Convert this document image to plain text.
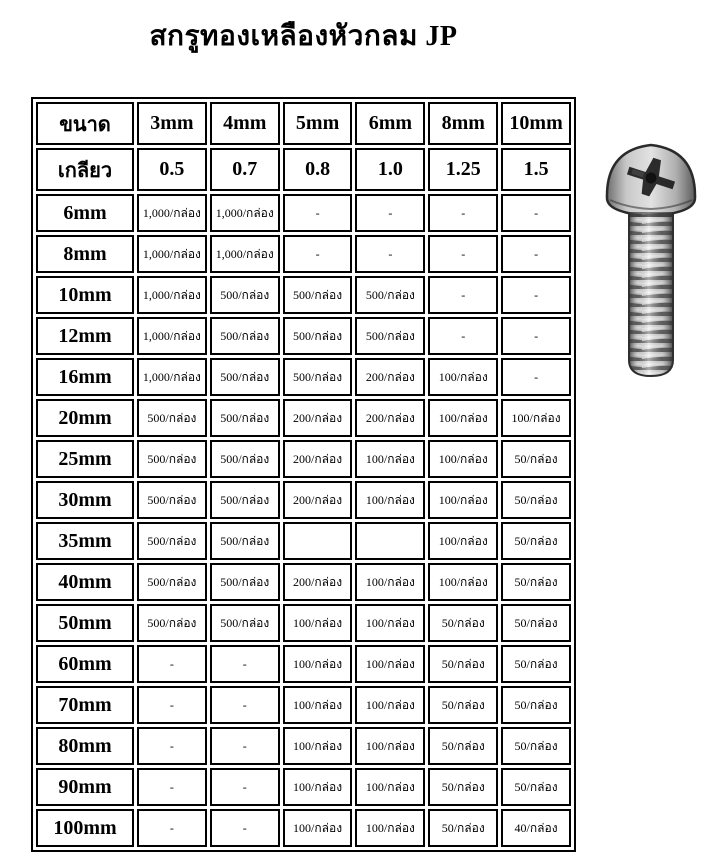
สกรูทองเหลืองหัวกลม JP
ขนาด	3mm	4mm	5mm	6mm	8mm	10mm
เกลียว	0.5	0.7	0.8	1.0	1.25	1.5
6mm	1,000/กล่อง	1,000/กล่อง	-	-	-	-
8mm	1,000/กล่อง	1,000/กล่อง	-	-	-	-
10mm	1,000/กล่อง	500/กล่อง	500/กล่อง	500/กล่อง	-	-
12mm	1,000/กล่อง	500/กล่อง	500/กล่อง	500/กล่อง	-	-
16mm	1,000/กล่อง	500/กล่อง	500/กล่อง	200/กล่อง	100/กล่อง	-
20mm	500/กล่อง	500/กล่อง	200/กล่อง	200/กล่อง	100/กล่อง	100/กล่อง
25mm	500/กล่อง	500/กล่อง	200/กล่อง	100/กล่อง	100/กล่อง	50/กล่อง
30mm	500/กล่อง	500/กล่อง	200/กล่อง	100/กล่อง	100/กล่อง	50/กล่อง
35mm	500/กล่อง	500/กล่อง			100/กล่อง	50/กล่อง
40mm	500/กล่อง	500/กล่อง	200/กล่อง	100/กล่อง	100/กล่อง	50/กล่อง
50mm	500/กล่อง	500/กล่อง	100/กล่อง	100/กล่อง	50/กล่อง	50/กล่อง
60mm	-	-	100/กล่อง	100/กล่อง	50/กล่อง	50/กล่อง
70mm	-	-	100/กล่อง	100/กล่อง	50/กล่อง	50/กล่อง
80mm	-	-	100/กล่อง	100/กล่อง	50/กล่อง	50/กล่อง
90mm	-	-	100/กล่อง	100/กล่อง	50/กล่อง	50/กล่อง
100mm	-	-	100/กล่อง	100/กล่อง	50/กล่อง	40/กล่อง
